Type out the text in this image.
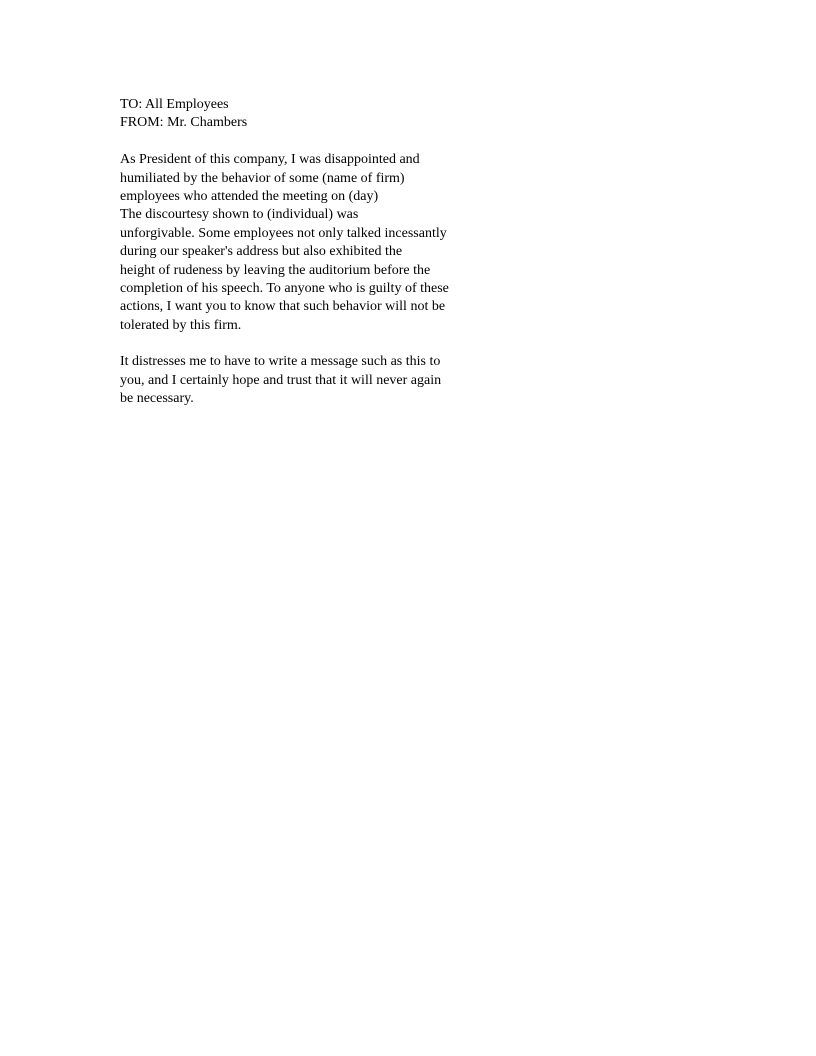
TO: All Employees
FROM: Mr. Chambers
As President of this company, I was disappointed and
humiliated by the behavior of some (name of firm)
employees who attended the meeting on (day)
The discourtesy shown to (individual) was
unforgivable. Some employees not only talked incessantly
during our speaker's address but also exhibited the
height of rudeness by leaving the auditorium before the
completion of his speech. To anyone who is guilty of these
actions, I want you to know that such behavior will not be
tolerated by this firm.
It distresses me to have to write a message such as this to
you, and I certainly hope and trust that it will never again
be necessary.
